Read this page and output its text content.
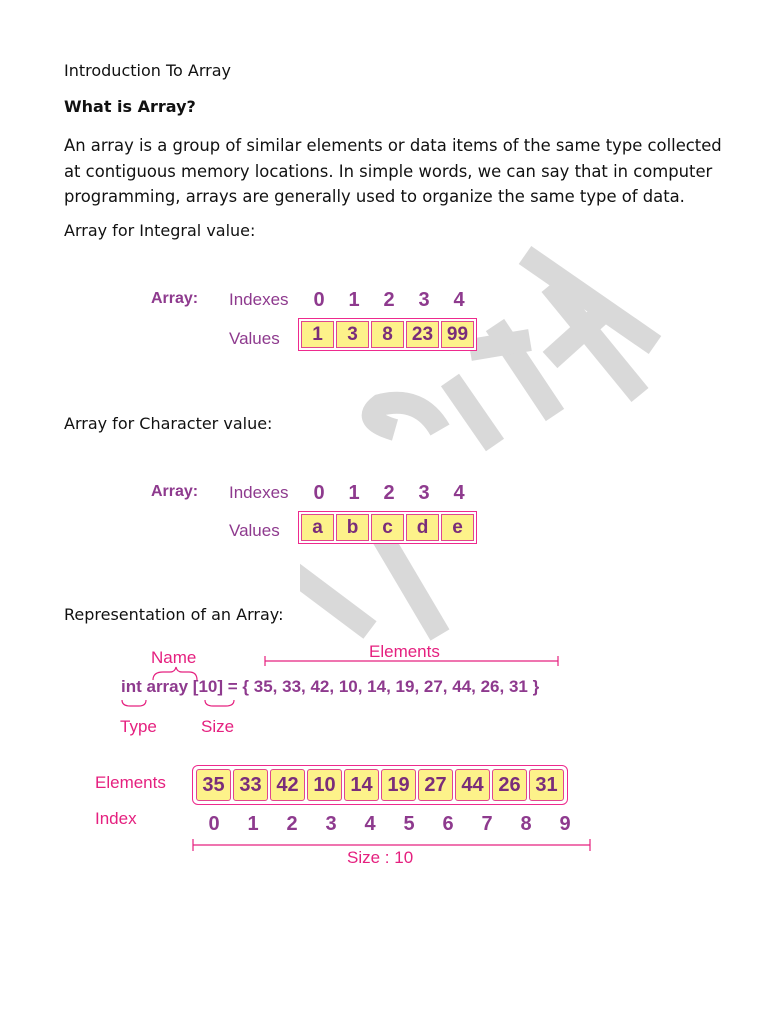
Introduction To Array
What is Array?
An array is a group of similar elements or data items of the same type collected at contiguous memory locations. In simple words, we can say that in computer programming, arrays are generally used to organize the same type of data.
Array for Integral value:
Array: Indexes
Values
0	1	2	3	4
1	3	8	23 99
Array for Character value:
Array: Indexes
Values
0	1	2	3	4
a	b	c	d	e
Representation of an Array:
Name	Elements
int array [10] = { 35, 33, 42, 10, 14, 19, 27, 44, 26, 31 }
Type	Size
Elements
Index
35 33 42 10 14 19 27 44 26 31
0	1	2	3	4	5	6	7	8	9
Size : 10
